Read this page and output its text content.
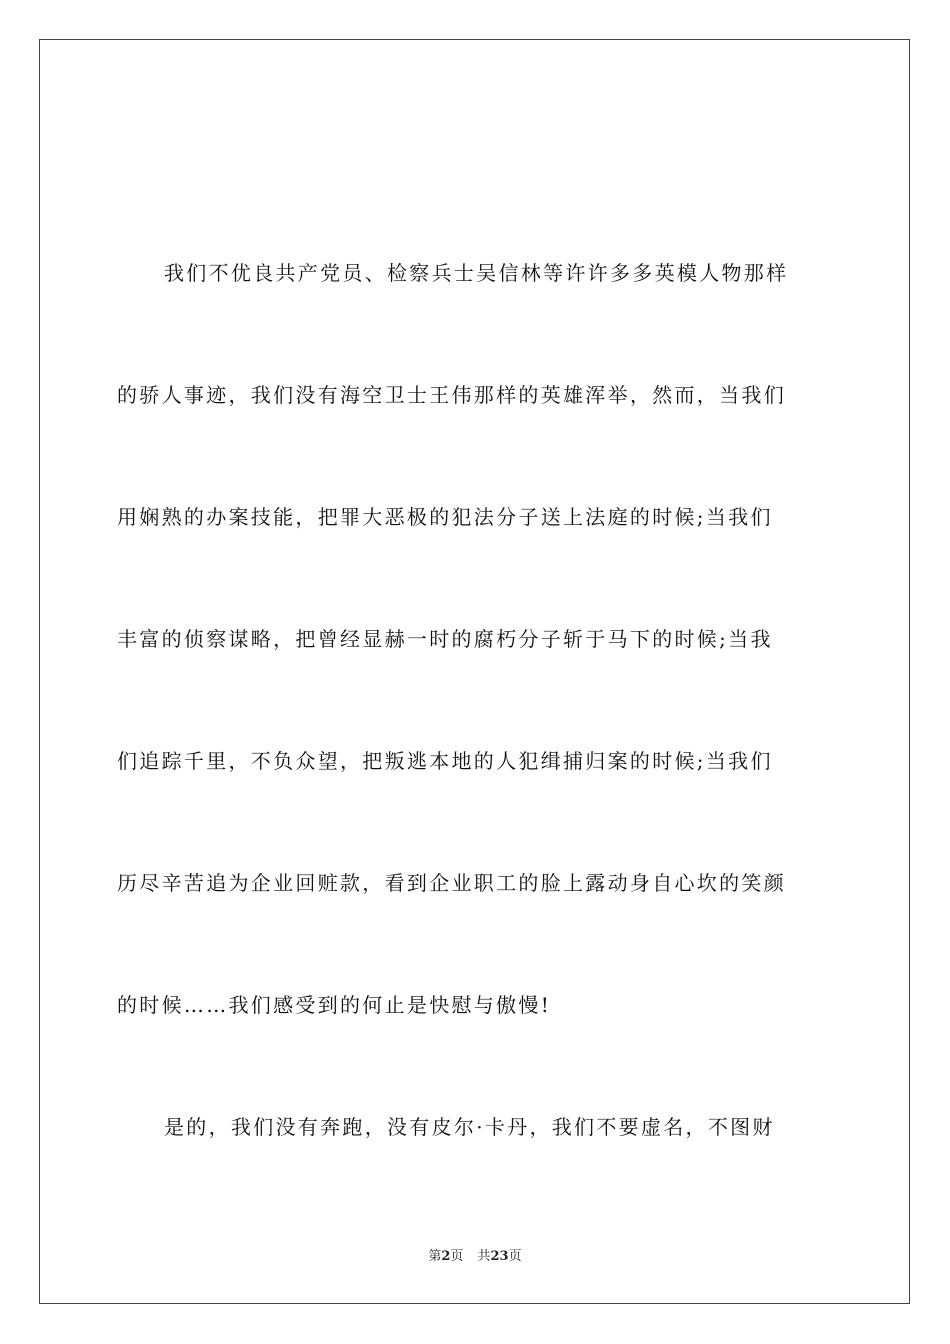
我们不优良共产党员、检察兵士吴信林等许许多多英模人物那样
的骄人事迹，我们没有海空卫士王伟那样的英雄浑举，然而，当我们
用娴熟的办案技能，把罪大恶极的犯法分子送上法庭的时候;当我们
丰富的侦察谋略，把曾经显赫一时的腐朽分子斩于马下的时候;当我
们追踪千里，不负众望，把叛逃本地的人犯缉捕归案的时候;当我们
历尽辛苦追为企业回赃款，看到企业职工的脸上露动身自心坎的笑颜
的时候……我们感受到的何止是快慰与傲慢!
是的，我们没有奔跑，没有皮尔·卡丹，我们不要虚名，不图财
第2页 共23页
